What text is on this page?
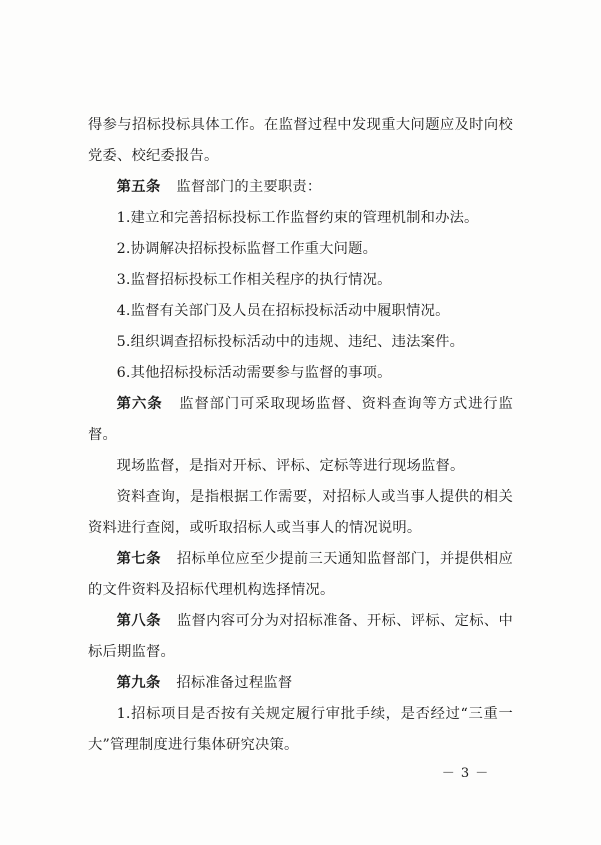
得参与招标投标具体工作。在监督过程中发现重大问题应及时向校党委、校纪委报告。

第五条 监督部门的主要职责：

1.建立和完善招标投标工作监督约束的管理机制和办法。

2.协调解决招标投标监督工作重大问题。

3.监督招标投标工作相关程序的执行情况。

4.监督有关部门及人员在招标投标活动中履职情况。

5.组织调查招标投标活动中的违规、违纪、违法案件。

6.其他招标投标活动需要参与监督的事项。

第六条 监督部门可采取现场监督、资料查询等方式进行监督。

现场监督，是指对开标、评标、定标等进行现场监督。

资料查询，是指根据工作需要，对招标人或当事人提供的相关资料进行查阅，或听取招标人或当事人的情况说明。

第七条 招标单位应至少提前三天通知监督部门，并提供相应的文件资料及招标代理机构选择情况。

第八条 监督内容可分为对招标准备、开标、评标、定标、中标后期监督。

第九条 招标准备过程监督

1.招标项目是否按有关规定履行审批手续，是否经过“三重一大”管理制度进行集体研究决策。

－ 3 －
